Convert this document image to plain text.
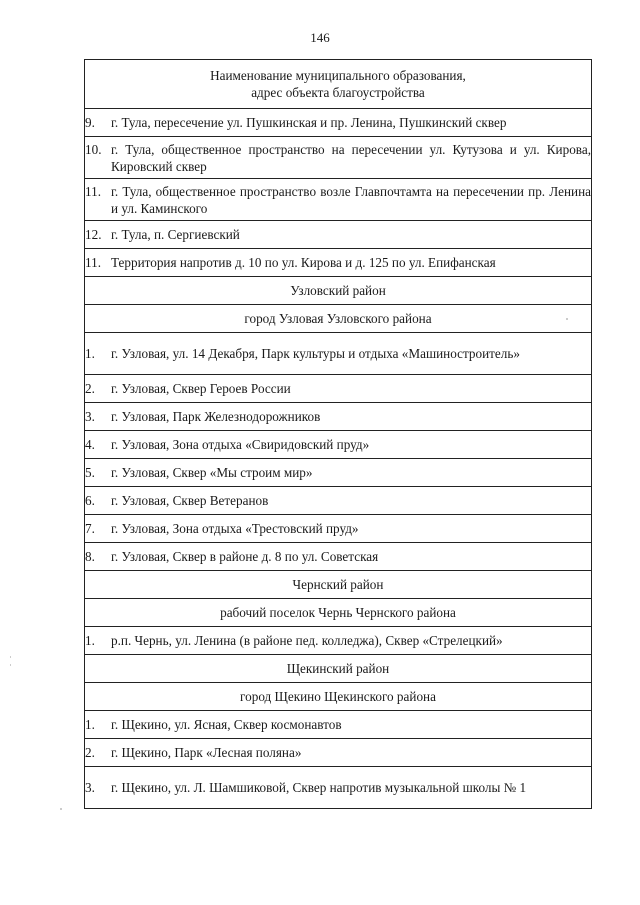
146
Наименование муниципального образования,
адрес объекта благоустройства

9.	г. Тула, пересечение ул. Пушкинская и пр. Ленина, Пушкинский сквер

10. г. Тула, общественное пространство на пересечении ул. Кутузова и ул. Кирова, Кировский сквер

11. г. Тула, общественное пространство возле Главпочтамта на пересечении пр. Ленина и ул. Каминского

12. г. Тула, п. Сергиевский

11. Территория напротив д. 10 по ул. Кирова и д. 125 по ул. Епифанская

Узловский район
город Узловая Узловского района

1.	г. Узловая, ул. 14 Декабря, Парк культуры и отдыха «Машиностроитель»

2.	г. Узловая, Сквер Героев России

3.	г. Узловая, Парк Железнодорожников

4.	г. Узловая, Зона отдыха «Свиридовский пруд»

5.	г. Узловая, Сквер «Мы строим мир»

6.	г. Узловая, Сквер Ветеранов

7.	г. Узловая, Зона отдыха «Трестовский пруд»

8.	г. Узловая, Сквер в районе д. 8 по ул. Советская

Чернский район
рабочий поселок Чернь Чернского района

1.	р.п. Чернь, ул. Ленина (в районе пед. колледжа), Сквер «Стрелецкий»

Щекинский район
город Щекино Щекинского района

1.	г. Щекино, ул. Ясная, Сквер космонавтов

2.	г. Щекино, Парк «Лесная поляна»

3.	г. Щекино, ул. Л. Шамшиковой, Сквер напротив музыкальной школы № 1
